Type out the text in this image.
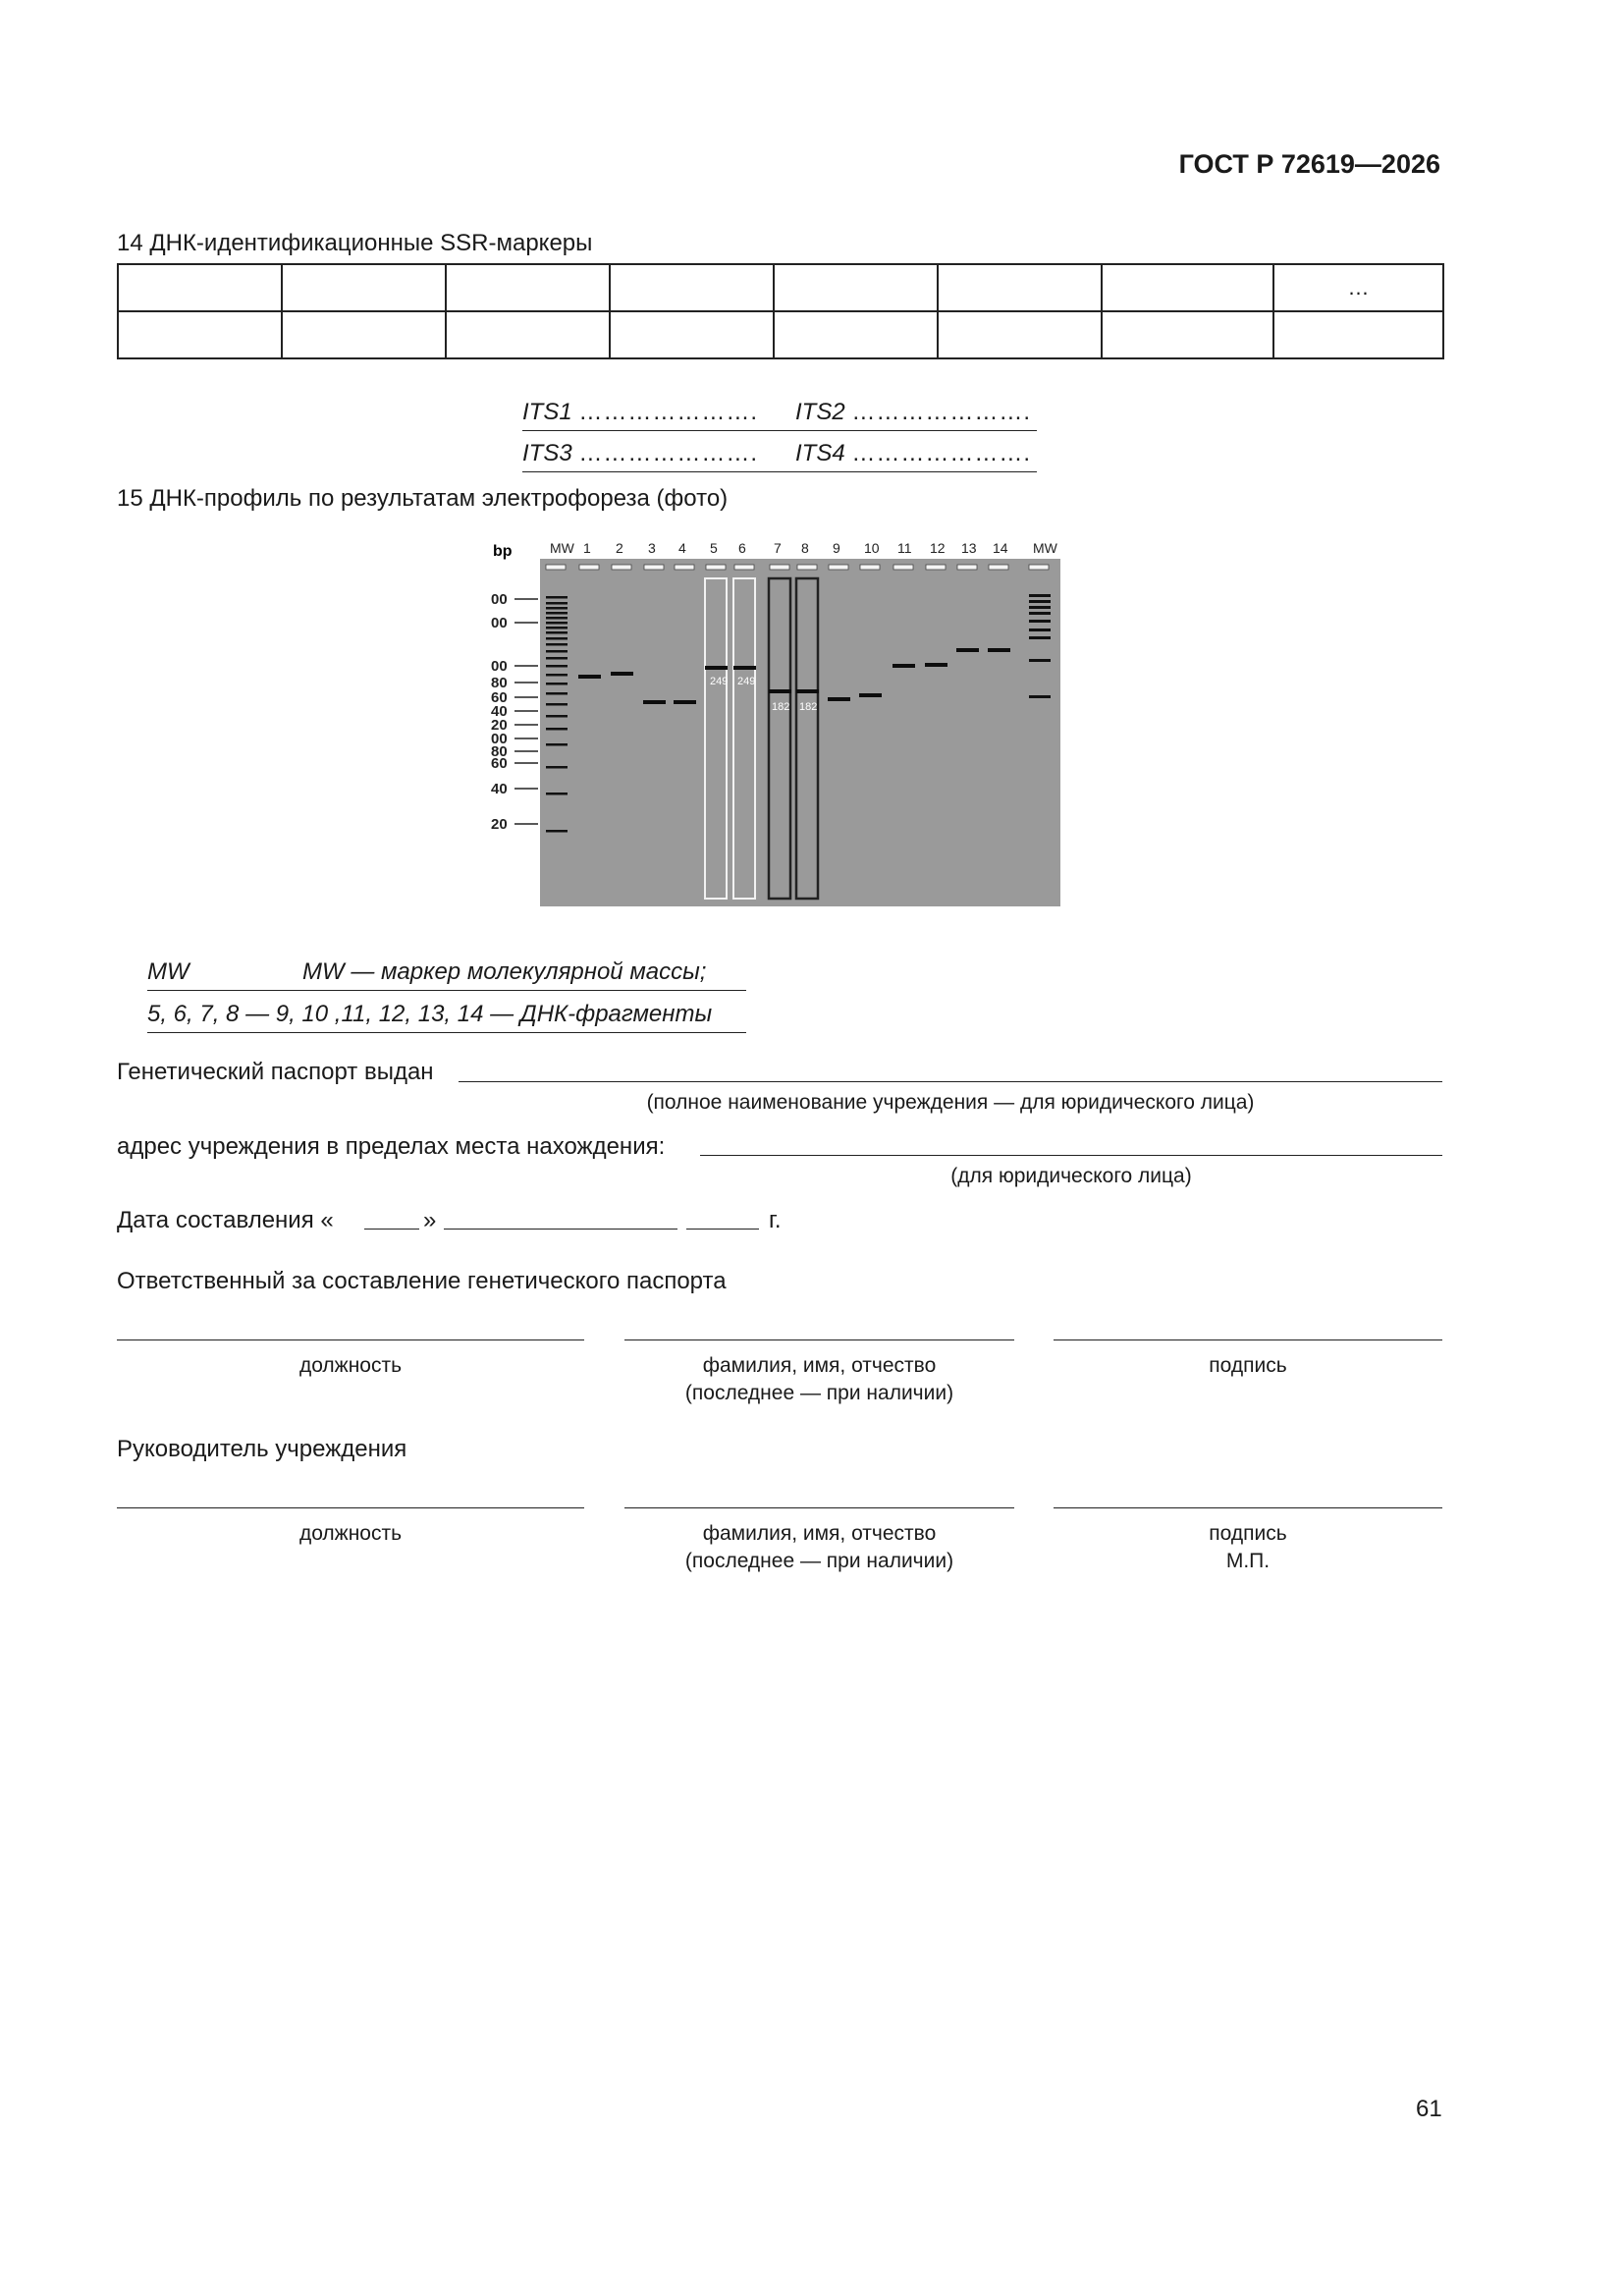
ГОСТ Р 72619—2026
14 ДНК-идентификационные SSR-маркеры
							…

ITS1 …………………. ITS2 ………………….
ITS3 …………………. ITS4 ………………….
15 ДНК-профиль по результатам электрофореза (фото)
bp	MW 1 2 3 4 5 6 7 8 9 10 11 12 13 14 MW
00
00
00
80
60
40
20
00
80
60
40
20
249 249
182 182
MW	MW — маркер молекулярной массы;
5, 6, 7, 8 — 9, 10 ,11, 12, 13, 14 — ДНК-фрагменты
Генетический паспорт выдан
(полное наименование учреждения — для юридического лица)
адрес учреждения в пределах места нахождения:
(для юридического лица)
Дата составления «	»	г.
Ответственный за составление генетического паспорта
должность	фамилия, имя, отчество
(последнее — при наличии)
подпись
Руководитель учреждения
должность	фамилия, имя, отчество
(последнее — при наличии)
подпись
М.П.
61
